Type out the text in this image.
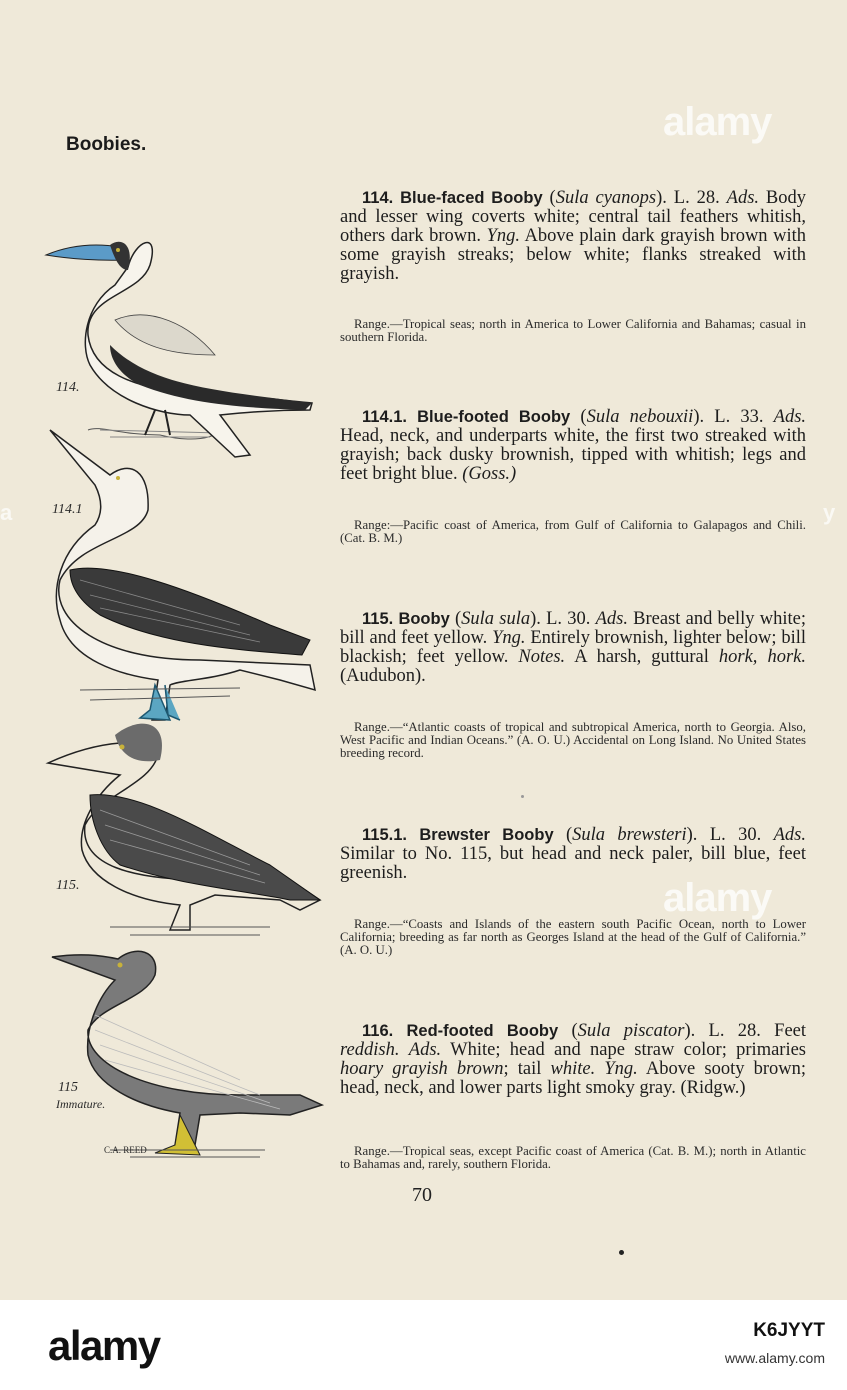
Boobies.
alamy
alamy
a	y
114.
114.1
115.
115
Immature.
C.A. REED
114. Blue-faced Booby (Sula cyanops). L. 28. Ads. Body and lesser wing coverts white; central tail feathers whitish, others dark brown. Yng. Above plain dark grayish brown with some grayish streaks; below white; flanks streaked with grayish.
Range.—Tropical seas; north in America to Lower California and Bahamas; casual in southern Florida.
114.1. Blue-footed Booby (Sula nebouxii). L. 33. Ads. Head, neck, and underparts white, the first two streaked with grayish; back dusky brownish, tipped with whitish; legs and feet bright blue. (Goss.)
Range:—Pacific coast of America, from Gulf of California to Galapagos and Chili. (Cat. B. M.)
115. Booby (Sula sula). L. 30. Ads. Breast and belly white; bill and feet yellow. Yng. Entirely brownish, lighter below; bill blackish; feet yellow. Notes. A harsh, guttural hork, hork. (Audubon).
Range.—“Atlantic coasts of tropical and subtropical America, north to Georgia. Also, West Pacific and Indian Oceans.” (A. O. U.) Accidental on Long Island. No United States breeding record.
115.1. Brewster Booby (Sula brewsteri). L. 30. Ads. Similar to No. 115, but head and neck paler, bill blue, feet greenish.
Range.—“Coasts and Islands of the eastern south Pacific Ocean, north to Lower California; breeding as far north as Georges Island at the head of the Gulf of California.” (A. O. U.)
116. Red-footed Booby (Sula piscator). L. 28. Feet reddish. Ads. White; head and nape straw color; primaries hoary grayish brown; tail white. Yng. Above sooty brown; head, neck, and lower parts light smoky gray. (Ridgw.)
Range.—Tropical seas, except Pacific coast of America (Cat. B. M.); north in Atlantic to Bahamas and, rarely, southern Florida.
70
alamy	K6JYYT
www.alamy.com
